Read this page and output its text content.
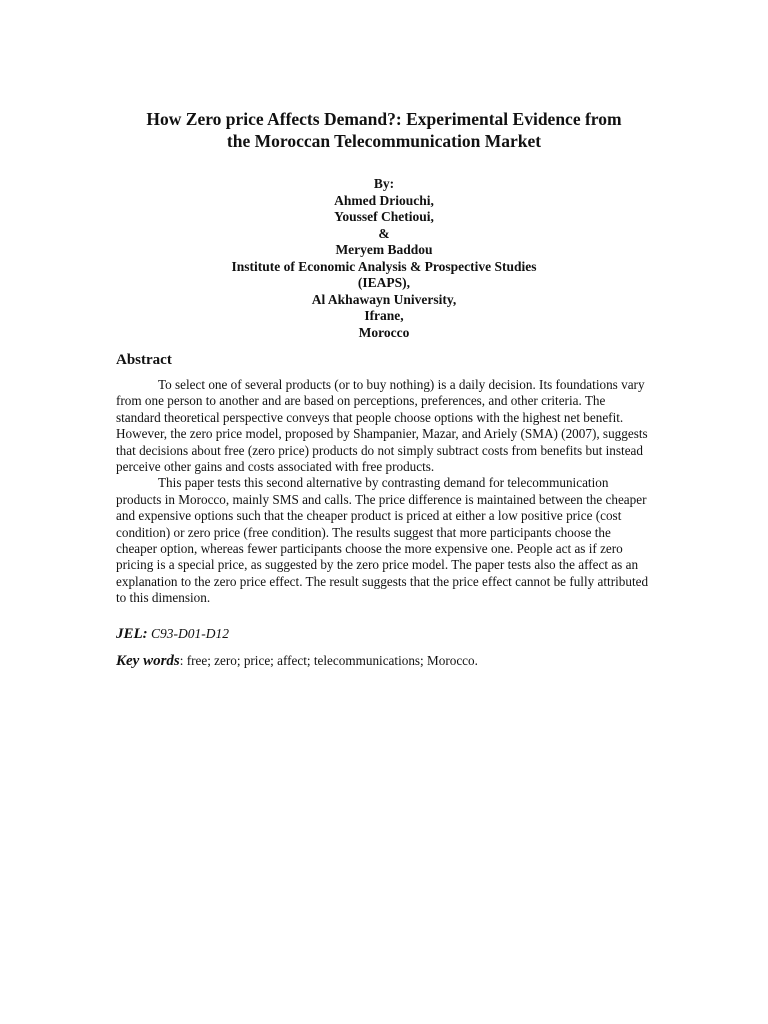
How Zero price Affects Demand?: Experimental Evidence from
the Moroccan Telecommunication Market
By:
Ahmed Driouchi,
Youssef Chetioui,
&
Meryem Baddou
Institute of Economic Analysis & Prospective Studies
(IEAPS),
Al Akhawayn University,
Ifrane,
Morocco
Abstract

To select one of several products (or to buy nothing) is a daily decision. Its foundations vary from one person to another and are based on perceptions, preferences, and other criteria. The standard theoretical perspective conveys that people choose options with the highest net benefit. However, the zero price model, proposed by Shampanier, Mazar, and Ariely (SMA) (2007), suggests that decisions about free (zero price) products do not simply subtract costs from benefits but instead perceive other gains and costs associated with free products.

This paper tests this second alternative by contrasting demand for telecommunication products in Morocco, mainly SMS and calls. The price difference is maintained between the cheaper and expensive options such that the cheaper product is priced at either a low positive price (cost condition) or zero price (free condition). The results suggest that more participants choose the cheaper option, whereas fewer participants choose the more expensive one. People act as if zero pricing is a special price, as suggested by the zero price model. The paper tests also the affect as an explanation to the zero price effect. The result suggests that the price effect cannot be fully attributed to this dimension.

JEL: C93-D01-D12
Key words: free; zero; price; affect; telecommunications; Morocco.
